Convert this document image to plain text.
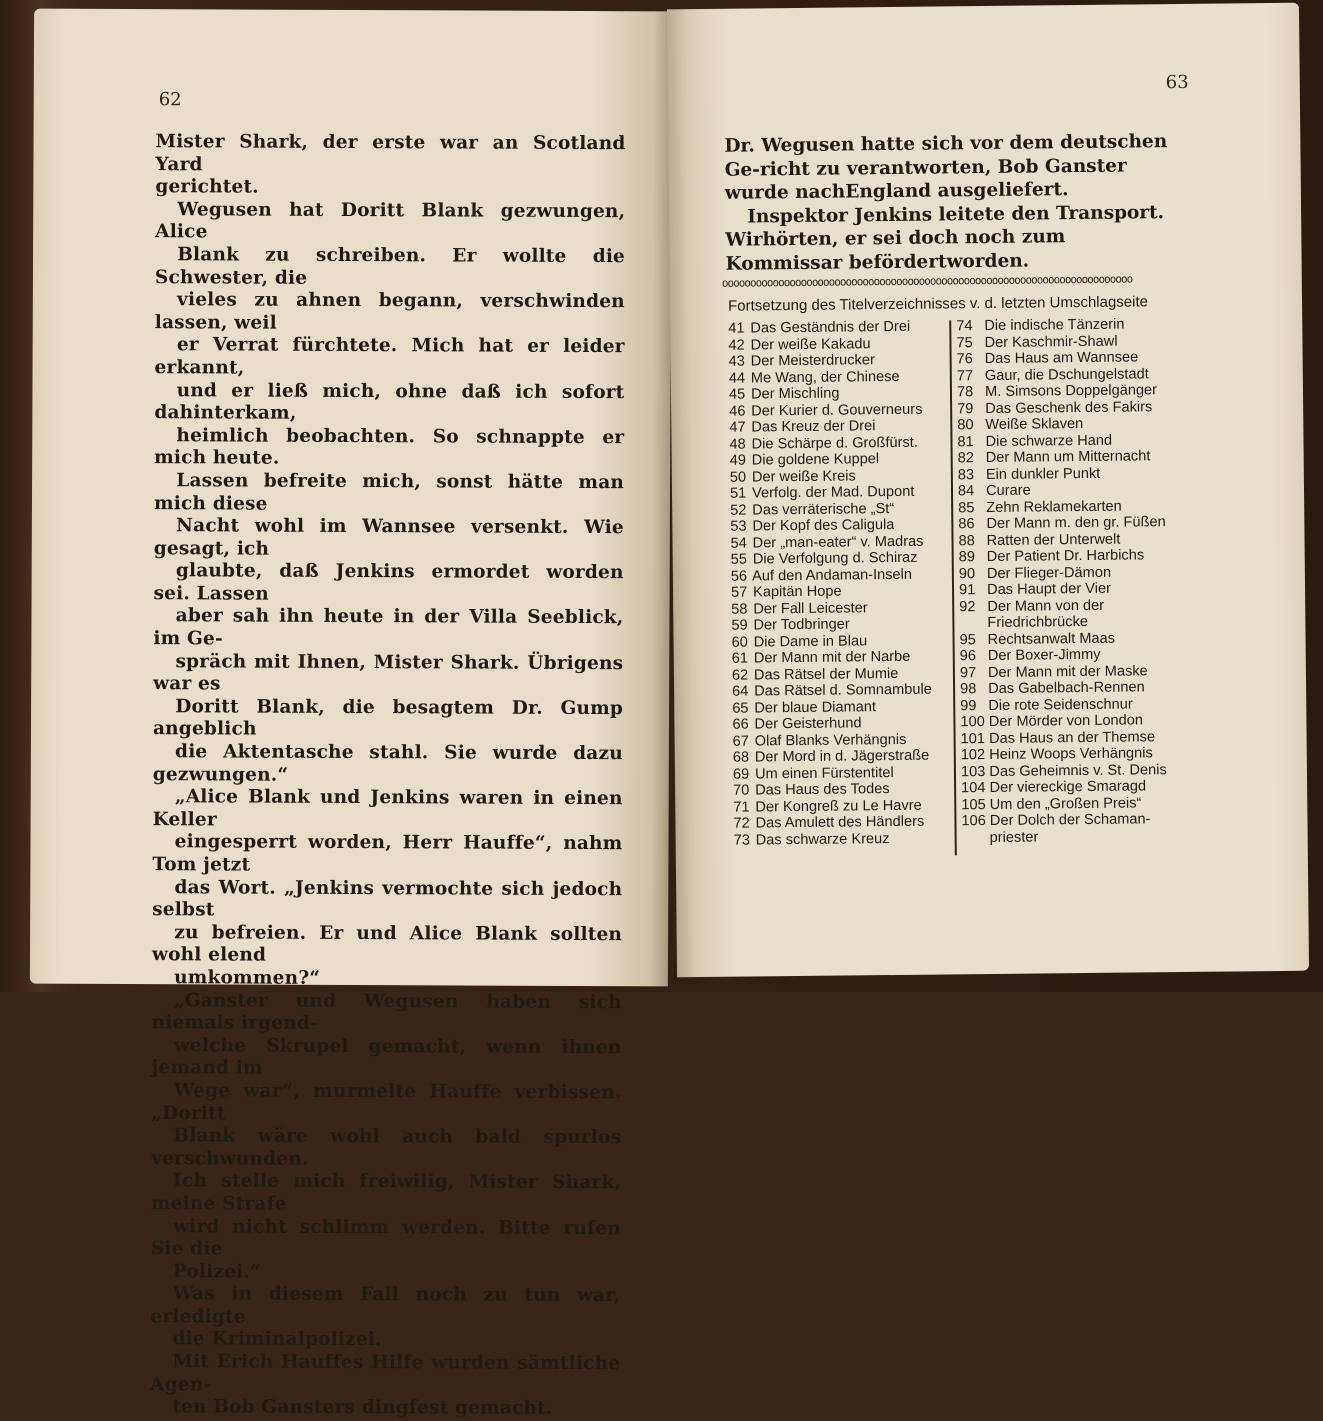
62

Mister Shark, der erste war an Scotland Yard
gerichtet.

Wegusen hat Doritt Blank gezwungen, Alice
Blank zu schreiben. Er wollte die Schwester, die
vieles zu ahnen begann, verschwinden lassen, weil
er Verrat fürchtete. Mich hat er leider erkannt,
und er ließ mich, ohne daß ich sofort dahinterkam,
heimlich beobachten. So schnappte er mich heute.

Lassen befreite mich, sonst hätte man mich diese
Nacht wohl im Wannsee versenkt. Wie gesagt, ich
glaubte, daß Jenkins ermordet worden sei. Lassen
aber sah ihn heute in der Villa Seeblick, im Ge-
spräch mit Ihnen, Mister Shark. Übrigens war es
Doritt Blank, die besagtem Dr. Gump angeblich
die Aktentasche stahl. Sie wurde dazu gezwungen.“

„Alice Blank und Jenkins waren in einen Keller
eingesperrt worden, Herr Hauffe“, nahm Tom jetzt
das Wort. „Jenkins vermochte sich jedoch selbst
zu befreien. Er und Alice Blank sollten wohl elend
umkommen?“

„Ganster und Wegusen haben sich niemals irgend-
welche Skrupel gemacht, wenn ihnen jemand im
Wege war“, murmelte Hauffe verbissen. „Doritt
Blank wäre wohl auch bald spurlos verschwunden.
Ich stelle mich freiwilig, Mister Shark, meine Strafe
wird nicht schlimm werden. Bitte rufen Sie die
Polizei.“

Was in diesem Fall noch zu tun war, erledigte
die Kriminalpolizei.

Mit Erich Hauffes Hilfe wurden sämtliche Agen-
ten Bob Gansters dingfest gemacht.

63

Dr. Wegusen hatte sich vor dem deutschen Ge-richt zu verantworten, Bob Ganster wurde nachEngland ausgeliefert.

Inspektor Jenkins leitete den Transport. Wirhörten, er sei doch noch zum Kommissar befördertworden.

ooooooooooooooooooooooooooooooooooooooooooooooooooooooooooooooooooooooooo
Fortsetzung des Titelverzeichnisses v. d. letzten Umschlagseite
41 Das Geständnis der Drei
42 Der weiße Kakadu
43 Der Meisterdrucker
44 Me Wang, der Chinese
45 Der Mischling
46 Der Kurier d. Gouverneurs
47 Das Kreuz der Drei
48 Die Schärpe d. Großfürst.
49 Die goldene Kuppel
50 Der weiße Kreis
51 Verfolg. der Mad. Dupont
52 Das verräterische „St“
53 Der Kopf des Caligula
54 Der „man-eater“ v. Madras
55 Die Verfolgung d. Schiraz
56 Auf den Andaman-Inseln
57 Kapitän Hope
58 Der Fall Leicester
59 Der Todbringer
60 Die Dame in Blau
61 Der Mann mit der Narbe
62 Das Rätsel der Mumie
64 Das Rätsel d. Somnambule
65 Der blaue Diamant
66 Der Geisterhund
67 Olaf Blanks Verhängnis
68 Der Mord in d. Jägerstraße
69 Um einen Fürstentitel
70 Das Haus des Todes
71 Der Kongreß zu Le Havre
72 Das Amulett des Händlers
73 Das schwarze Kreuz
74 Die indische Tänzerin
75 Der Kaschmir-Shawl
76 Das Haus am Wannsee
77 Gaur, die Dschungelstadt
78 M. Simsons Doppelgänger
79 Das Geschenk des Fakirs
80 Weiße Sklaven
81 Die schwarze Hand
82 Der Mann um Mitternacht
83 Ein dunkler Punkt
84 Curare
85 Zehn Reklamekarten
86 Der Mann m. den gr. Füßen
88 Ratten der Unterwelt
89 Der Patient Dr. Harbichs
90 Der Flieger-Dämon
91 Das Haupt der Vier
92 Der Mann von der
Friedrichbrücke
95 Rechtsanwalt Maas
96 Der Boxer-Jimmy
97 Der Mann mit der Maske
98 Das Gabelbach-Rennen
99 Die rote Seidenschnur
100 Der Mörder von London
101 Das Haus an der Themse
102 Heinz Woops Verhängnis
103 Das Geheimnis v. St. Denis
104 Der viereckige Smaragd
105 Um den „Großen Preis“
106 Der Dolch der Schaman-
priester
